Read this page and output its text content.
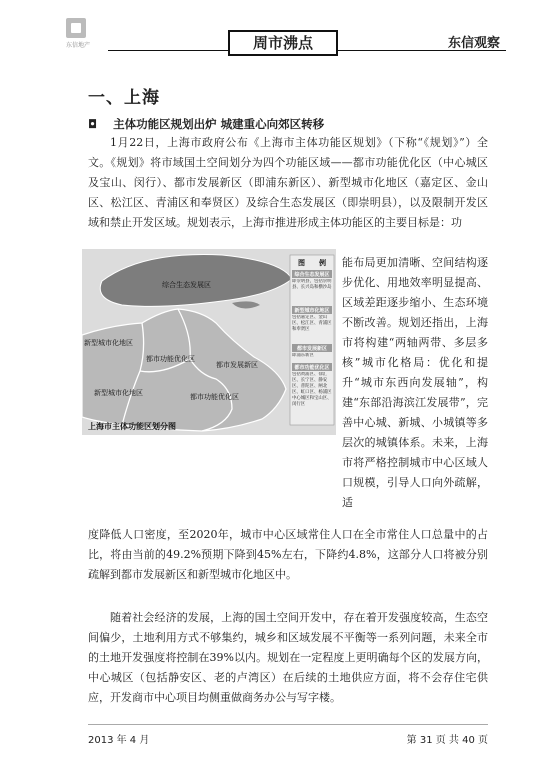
东信地产	周市沸点	东信观察
一、上海
◘ 主体功能区规划出炉 城建重心向郊区转移
1月22日，上海市政府公布《上海市主体功能区规划》（下称“《规划》”）全文。《规划》将市域国土空间划分为四个功能区域——都市功能优化区（中心城区及宝山、闵行）、都市发展新区（即浦东新区）、新型城市化地区（嘉定区、金山区、松江区、青浦区和奉贤区）及综合生态发展区（即崇明县），以及限制开发区域和禁止开发区域。规划表示，上海市推进形成主体功能区的主要目标是：功
综合生态发展区
新型城市化地区
都市功能优化区
都市发展新区
新型城市化地区	都市功能优化区
上海市主体功能区划分图
图　　例
综合生态发展区
即崇明县，包括崇明县、长兴岛和横沙岛
新型城市化地区
包括嘉定区、金山区、松江区、青浦区和奉贤区
都市发展新区
即浦东新区
都市功能优化区
包括黄浦区、徐汇区、长宁区、静安区、普陀区、闸北区、虹口区、杨浦区中心城区和宝山区、闵行区
能布局更加清晰、空间结构逐步优化、用地效率明显提高、区域差距逐步缩小、生态环境不断改善。规划还指出，上海市将构建“两轴两带、多层多核”城市化格局：优化和提升“城市东西向发展轴”，构建“东部沿海滨江发展带”，完善中心城、新城、小城镇等多层次的城镇体系。未来，上海市将严格控制城市中心区域人口规模，引导人口向外疏解，适
度降低人口密度，至2020年，城市中心区域常住人口在全市常住人口总量中的占比，将由当前的49.2%预期下降到45%左右，下降约4.8%，这部分人口将被分别疏解到都市发展新区和新型城市化地区中。
随着社会经济的发展，上海的国土空间开发中，存在着开发强度较高，生态空间偏少，土地利用方式不够集约，城乡和区域发展不平衡等一系列问题，未来全市的土地开发强度将控制在39%以内。规划在一定程度上更明确每个区的发展方向，中心城区（包括静安区、老的卢湾区）在后续的土地供应方面，将不会存住宅供应，开发商市中心项目均侧重做商务办公与写字楼。
2013 年 4 月	第 31 页 共 40 页
